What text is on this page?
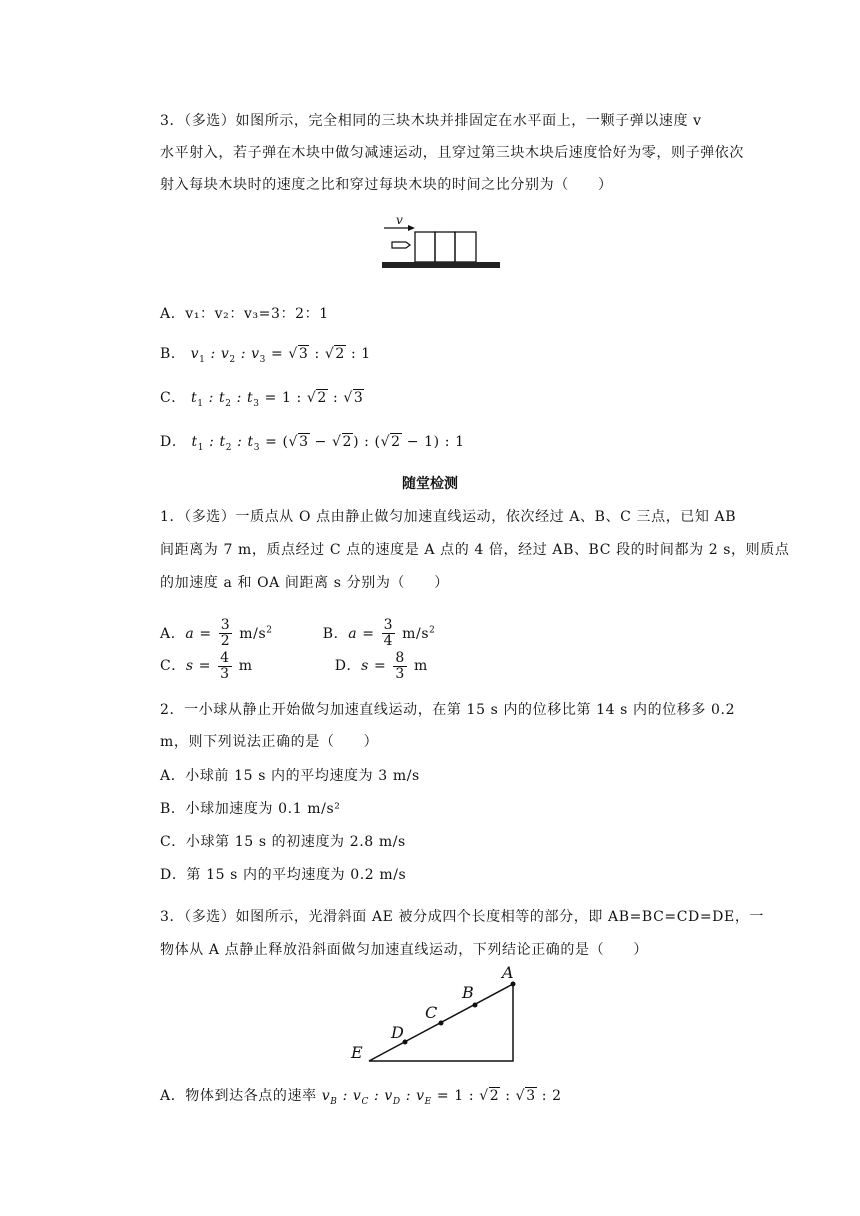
3．（多选）如图所示，完全相同的三块木块并排固定在水平面上，一颗子弹以速度 v
水平射入，若子弹在木块中做匀减速运动，且穿过第三块木块后速度恰好为零，则子弹依次
射入每块木块时的速度之比和穿过每块木块的时间之比分别为（　　）
v
A．v₁：v₂：v₃=3：2：1
B． $v_1$ : $v_2$ : $v_3 = √3$ : √2 : 1
C． $t_1$ : $t_2$ : $t_3 = 1$ : √2 : √3
D． $t_1$ : $t_2$ : $t_3 = (√3 - √2)$ : (√2 − 1) : 1
随堂检测
1．（多选）一质点从 O 点由静止做匀加速直线运动，依次经过 A、B、C 三点，已知 AB
间距离为 7 m，质点经过 C 点的速度是 A 点的 4 倍，经过 AB、BC 段的时间都为 2 s，则质点
的加速度 a 和 OA 间距离 s 分别为（　　）
A．$a = \frac{3}{2} m/s^2$	B．$a = \frac{3}{4} m/s^2$
C．$s = \frac{4}{3}$ m	D．$s = \frac{8}{3}$ m
2．一小球从静止开始做匀加速直线运动，在第 15 s 内的位移比第 14 s 内的位移多 0.2
m，则下列说法正确的是（　　）
A．小球前 15 s 内的平均速度为 3 m/s
B．小球加速度为 0.1 m/s²
C．小球第 15 s 的初速度为 2.8 m/s
D．第 15 s 内的平均速度为 0.2 m/s
3．（多选）如图所示，光滑斜面 AE 被分成四个长度相等的部分，即 AB=BC=CD=DE，一
物体从 A 点静止释放沿斜面做匀加速直线运动，下列结论正确的是（　　）
A
B
C
D
E
A．物体到达各点的速率 $v_B$ : $v_C$ : $v_D$ : $v_E = 1$ : √2 : √3 : 2
